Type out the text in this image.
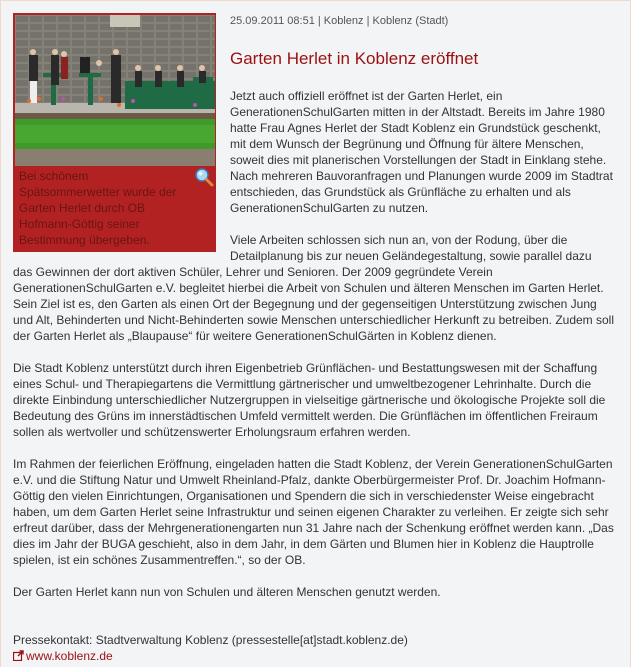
Bei schönem Spätsommerwetter wurde der Garten Herlet durch OB Hofmann-Göttig seiner Bestimmung übergeben.
25.09.2011 08:51 | Koblenz | Koblenz (Stadt)
Garten Herlet in Koblenz eröffnet

Jetzt auch offiziell eröffnet ist der Garten Herlet, ein GenerationenSchulGarten mitten in der Altstadt. Bereits im Jahre 1980 hatte Frau Agnes Herlet der Stadt Koblenz ein Grundstück geschenkt, mit dem Wunsch der Begrünung und Öffnung für ältere Menschen, soweit dies mit planerischen Vorstellungen der Stadt in Einklang stehe. Nach mehreren Bauvoranfragen und Planungen wurde 2009 im Stadtrat entschieden, das Grundstück als Grünfläche zu erhalten und als GenerationenSchulGarten zu nutzen.

Viele Arbeiten schlossen sich nun an, von der Rodung, über die Detailplanung bis zur neuen Geländegestaltung, sowie parallel dazu

das Gewinnen der dort aktiven Schüler, Lehrer und Senioren. Der 2009 gegründete Verein GenerationenSchulGarten e.V. begleitet hierbei die Arbeit von Schulen und älteren Menschen im Garten Herlet. Sein Ziel ist es, den Garten als einen Ort der Begegnung und der gegenseitigen Unterstützung zwischen Jung und Alt, Behinderten und Nicht-Behinderten sowie Menschen unterschiedlicher Herkunft zu betreiben. Zudem soll der Garten Herlet als „Blaupause“ für weitere GenerationenSchulGärten in Koblenz dienen.

Die Stadt Koblenz unterstützt durch ihren Eigenbetrieb Grünflächen- und Bestattungswesen mit der Schaffung eines Schul- und Therapiegartens die Vermittlung gärtnerischer und umweltbezogener Lehrinhalte. Durch die direkte Einbindung unterschiedlicher Nutzergruppen in vielseitige gärtnerische und ökologische Projekte soll die Bedeutung des Grüns im innerstädtischen Umfeld vermittelt werden. Die Grünflächen im öffentlichen Freiraum sollen als wertvoller und schützenswerter Erholungsraum erfahren werden.

Im Rahmen der feierlichen Eröffnung, eingeladen hatten die Stadt Koblenz, der Verein GenerationenSchulGarten e.V. und die Stiftung Natur und Umwelt Rheinland-Pfalz, dankte Oberbürgermeister Prof. Dr. Joachim Hofmann-Göttig den vielen Einrichtungen, Organisationen und Spendern die sich in verschiedenster Weise eingebracht haben, um dem Garten Herlet seine Infrastruktur und seinen eigenen Charakter zu verleihen. Er zeigte sich sehr erfreut darüber, dass der Mehrgenerationengarten nun 31 Jahre nach der Schenkung eröffnet werden kann. „Das dies im Jahr der BUGA geschieht, also in dem Jahr, in dem Gärten und Blumen hier in Koblenz die Hauptrolle spielen, ist ein schönes Zusammentreffen.“, so der OB.

Der Garten Herlet kann nun von Schulen und älteren Menschen genutzt werden.

Pressekontakt: Stadtverwaltung Koblenz (pressestelle[at]stadt.koblenz.de)
www.koblenz.de
